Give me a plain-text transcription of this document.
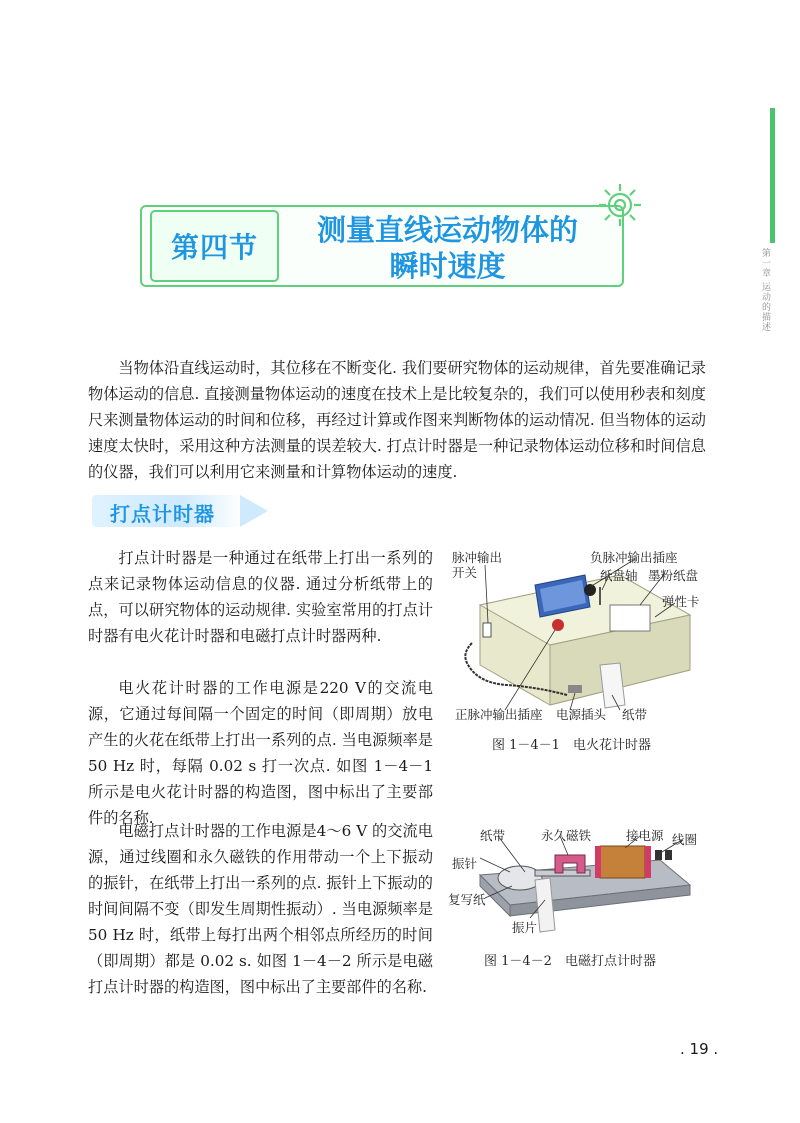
第一章 运动的描述
第四节
测量直线运动物体的
瞬时速度

当物体沿直线运动时，其位移在不断变化. 我们要研究物体的运动规律，首先要准确记录物体运动的信息. 直接测量物体运动的速度在技术上是比较复杂的，我们可以使用秒表和刻度尺来测量物体运动的时间和位移，再经过计算或作图来判断物体的运动情况. 但当物体的运动速度太快时，采用这种方法测量的误差较大. 打点计时器是一种记录物体运动位移和时间信息的仪器，我们可以利用它来测量和计算物体运动的速度.

打点计时器

打点计时器是一种通过在纸带上打出一系列的点来记录物体运动信息的仪器. 通过分析纸带上的点，可以研究物体的运动规律. 实验室常用的打点计时器有电火花计时器和电磁打点计时器两种.

电火花计时器的工作电源是220 V的交流电源，它通过每间隔一个固定的时间（即周期）放电产生的火花在纸带上打出一系列的点. 当电源频率是 50 Hz 时，每隔 0.02 s 打一次点. 如图 1－4－1 所示是电火花计时器的构造图，图中标出了主要部件的名称.

电磁打点计时器的工作电源是4～6 V 的交流电源，通过线圈和永久磁铁的作用带动一个上下振动的振针，在纸带上打出一系列的点. 振针上下振动的时间间隔不变（即发生周期性振动）. 当电源频率是 50 Hz 时，纸带上每打出两个相邻点所经历的时间（即周期）都是 0.02 s. 如图 1－4－2 所示是电磁打点计时器的构造图，图中标出了主要部件的名称.

脉冲输出
开关
负脉冲输出插座
纸盘轴 墨粉纸盘
弹性卡
正脉冲输出插座 电源插头 纸带
图 1－4－1　电火花计时器
纸带	永久磁铁	接电源 线圈
振针
复写纸
振片
图 1－4－2　电磁打点计时器
. 19 .
